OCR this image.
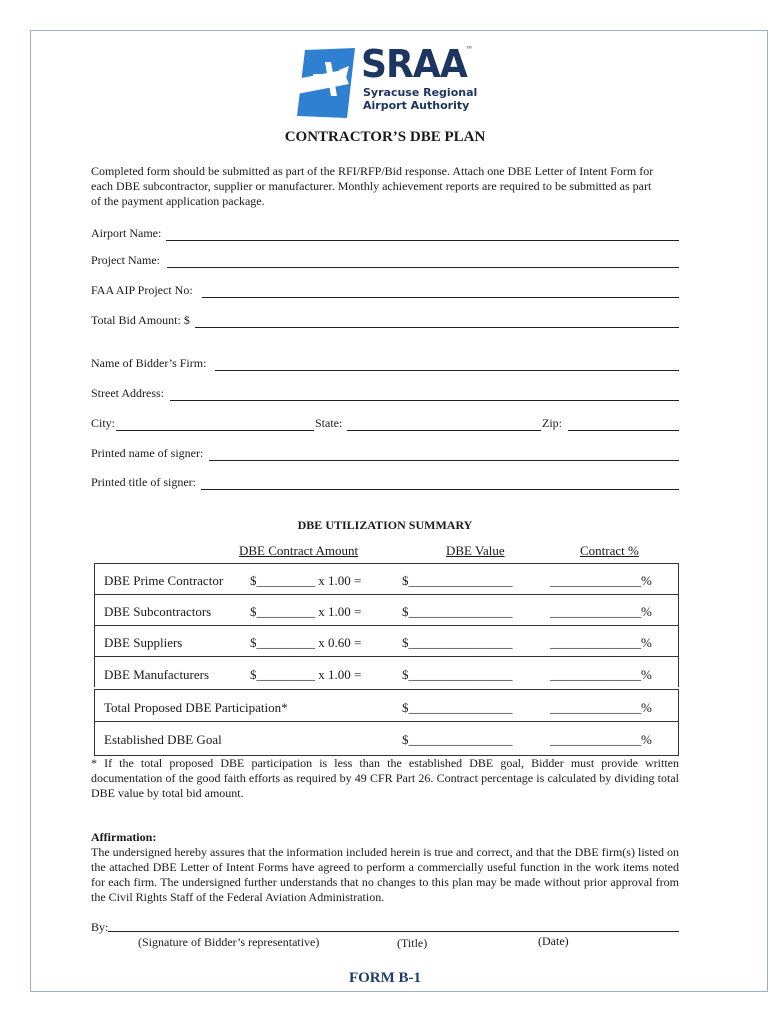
SRAA ™
Syracuse Regional
Airport Authority
CONTRACTOR’S DBE PLAN
Completed form should be submitted as part of the RFI/RFP/Bid response. Attach one DBE Letter of Intent Form for each DBE subcontractor, supplier or manufacturer. Monthly achievement reports are required to be submitted as part of the payment application package.
Airport Name:
Project Name:
FAA AIP Project No:
Total Bid Amount: $
Name of Bidder’s Firm:
Street Address:
City:	State:	Zip:
Printed name of signer:
Printed title of signer:
DBE UTILIZATION SUMMARY
DBE Contract Amount	DBE Value	Contract %
DBE Prime Contractor $_________ x 1.00 =	$________________	______________%
DBE Subcontractors	$_________ x 1.00 =	$________________	______________%
DBE Suppliers	$_________ x 0.60 =	$________________	______________%
DBE Manufacturers	$_________ x 1.00 =	$________________	______________%
Total Proposed DBE Participation*	$________________	______________%
Established DBE Goal	$________________	______________%
* If the total proposed DBE participation is less than the established DBE goal, Bidder must provide written documentation of the good faith efforts as required by 49 CFR Part 26. Contract percentage is calculated by dividing total DBE value by total bid amount.
Affirmation:
The undersigned hereby assures that the information included herein is true and correct, and that the DBE firm(s) listed on the attached DBE Letter of Intent Forms have agreed to perform a commercially useful function in the work items noted for each firm. The undersigned further understands that no changes to this plan may be made without prior approval from the Civil Rights Staff of the Federal Aviation Administration.
By:
(Signature of Bidder’s representative)	(Title)	(Date)
FORM B-1
